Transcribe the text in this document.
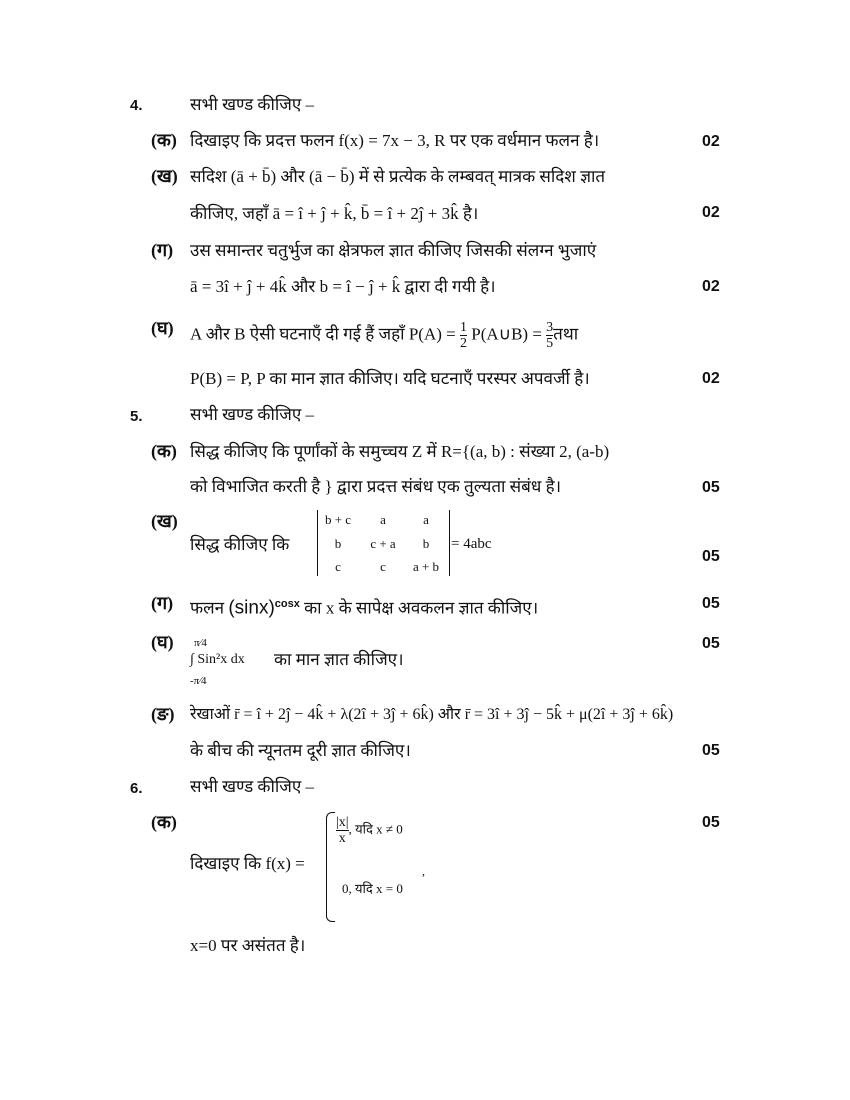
4.	सभी खण्ड कीजिए –
(क) दिखाइए कि प्रदत्त फलन f(x) = 7x − 3, R पर एक वर्धमान फलन है।	02
(ख) सदिश (ā + b̄) और (ā − b̄) में से प्रत्येक के लम्बवत् मात्रक सदिश ज्ञात
कीजिए, जहाँ ā = î + ĵ + k̂, b̄ = î + 2ĵ + 3k̂ है।	02
(ग) उस समान्तर चतुर्भुज का क्षेत्रफल ज्ञात कीजिए जिसकी संलग्न भुजाएं
ā = 3î + ĵ + 4k̂ और b = î − ĵ + k̂ द्वारा दी गयी है।	02
(घ) A और B ऐसी घटनाएँ दी गई हैं जहाँ $P(A) = \frac{1}{2}$ P(A∪B) = $\frac{3}{5}$ तथा
P(B) = P, P का मान ज्ञात कीजिए। यदि घटनाएँ परस्पर अपवर्जी है।	02
5.	सभी खण्ड कीजिए –
(क) सिद्ध कीजिए कि पूर्णांकों के समुच्चय Z में R={(a, b) : संख्या 2, (a-b)
को विभाजित करती है } द्वारा प्रदत्त संबंध एक तुल्यता संबंध है।	05
(ख)
सिद्ध कीजिए कि
b + c	a	a
b	c + a	b
c	c	a + b
= 4abc
05
(ग) फलन $(\sin x)^{cosx}$ का x के सापेक्ष अवकलन ज्ञात कीजिए।	05
(घ) π⁄4
∫ Sin²x dx
-π⁄4
का मान ज्ञात कीजिए।
05
(ङ) रेखाओं r̄ = î + 2ĵ − 4k̂ + λ(2î + 3ĵ + 6k̂) और r̄ = 3î + 3ĵ − 5k̂ + μ(2î + 3ĵ + 6k̂)
के बीच की न्यूनतम दूरी ज्ञात कीजिए।	05
6.	सभी खण्ड कीजिए –
(क)	05
दिखाइए कि f(x) =
$\frac{|x|}{x}$ , यदि x ≠ 0
,
0, यदि x = 0
x=0 पर असंतत है।
